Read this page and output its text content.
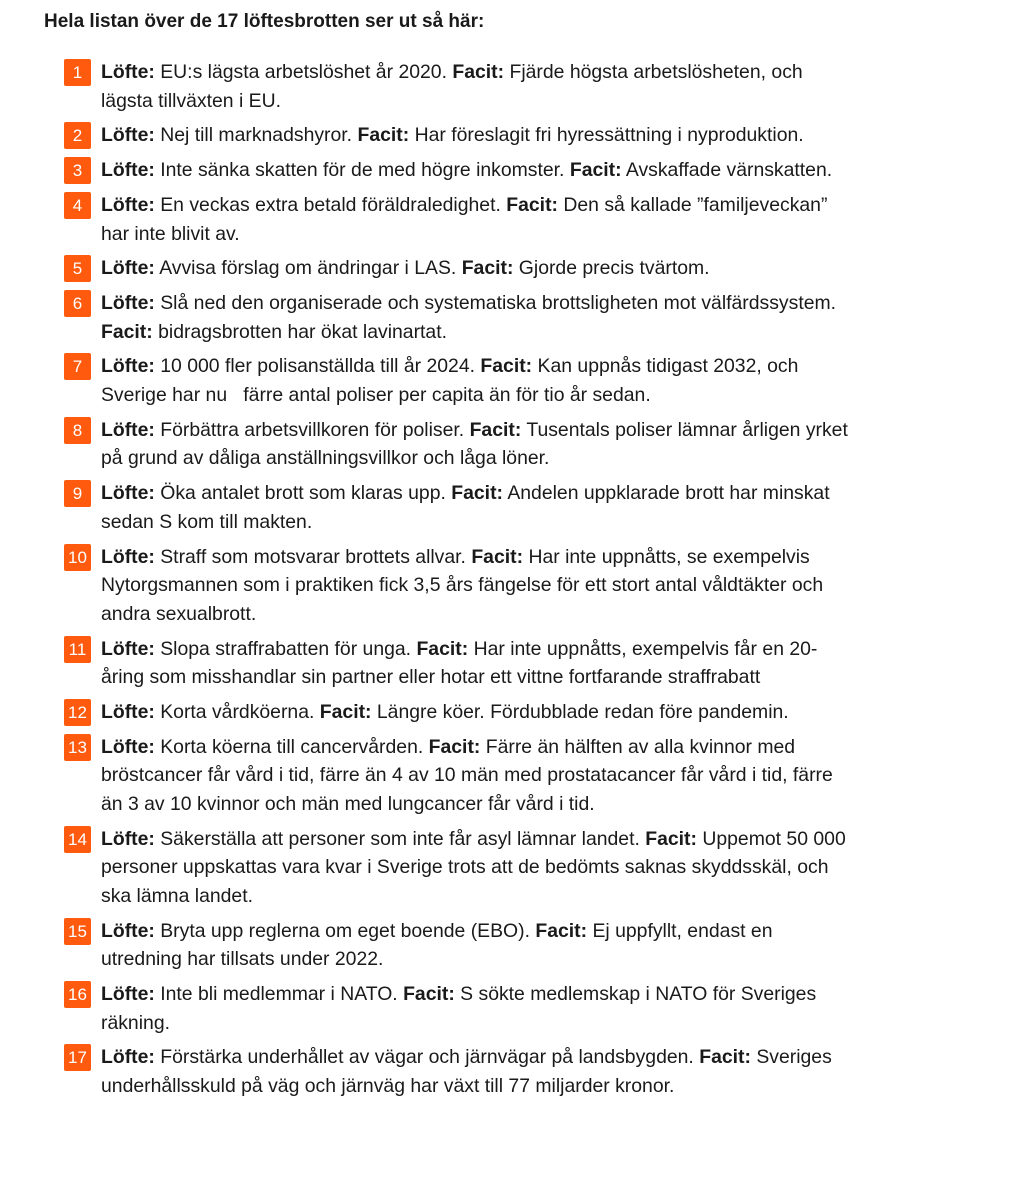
Hela listan över de 17 löftesbrotten ser ut så här:
1 Löfte: EU:s lägsta arbetslöshet år 2020. Facit: Fjärde högsta arbetslösheten, och lägsta tillväxten i EU.
2 Löfte: Nej till marknadshyror. Facit: Har föreslagit fri hyressättning i nyproduktion.
3 Löfte: Inte sänka skatten för de med högre inkomster. Facit: Avskaffade värnskatten.
4 Löfte: En veckas extra betald föräldraledighet. Facit: Den så kallade ”familjeveckan” har inte blivit av.
5 Löfte: Avvisa förslag om ändringar i LAS. Facit: Gjorde precis tvärtom.
6 Löfte: Slå ned den organiserade och systematiska brottsligheten mot välfärdssystem. Facit: bidragsbrotten har ökat lavinartat.
7 Löfte: 10 000 fler polisanställda till år 2024. Facit: Kan uppnås tidigast 2032, och Sverige har nu   färre antal poliser per capita än för tio år sedan.
8 Löfte: Förbättra arbetsvillkoren för poliser. Facit: Tusentals poliser lämnar årligen yrket på grund av dåliga anställningsvillkor och låga löner.
9 Löfte: Öka antalet brott som klaras upp. Facit: Andelen uppklarade brott har minskat sedan S kom till makten.
10 Löfte: Straff som motsvarar brottets allvar. Facit: Har inte uppnåtts, se exempelvis Nytorgsmannen som i praktiken fick 3,5 års fängelse för ett stort antal våldtäkter och andra sexualbrott.
11 Löfte: Slopa straffrabatten för unga. Facit: Har inte uppnåtts, exempelvis får en 20-åring som misshandlar sin partner eller hotar ett vittne fortfarande straffrabatt
12 Löfte: Korta vårdköerna. Facit: Längre köer. Fördubblade redan före pandemin.
13 Löfte: Korta köerna till cancervården. Facit: Färre än hälften av alla kvinnor med bröstcancer får vård i tid, färre än 4 av 10 män med prostatacancer får vård i tid, färre än 3 av 10 kvinnor och män med lungcancer får vård i tid.
14 Löfte: Säkerställa att personer som inte får asyl lämnar landet. Facit: Uppemot 50 000 personer uppskattas vara kvar i Sverige trots att de bedömts saknas skyddsskäl, och ska lämna landet.
15 Löfte: Bryta upp reglerna om eget boende (EBO). Facit: Ej uppfyllt, endast en utredning har tillsats under 2022.
16 Löfte: Inte bli medlemmar i NATO. Facit: S sökte medlemskap i NATO för Sveriges räkning.
17 Löfte: Förstärka underhållet av vägar och järnvägar på landsbygden. Facit: Sveriges underhållsskuld på väg och järnväg har växt till 77 miljarder kronor.
